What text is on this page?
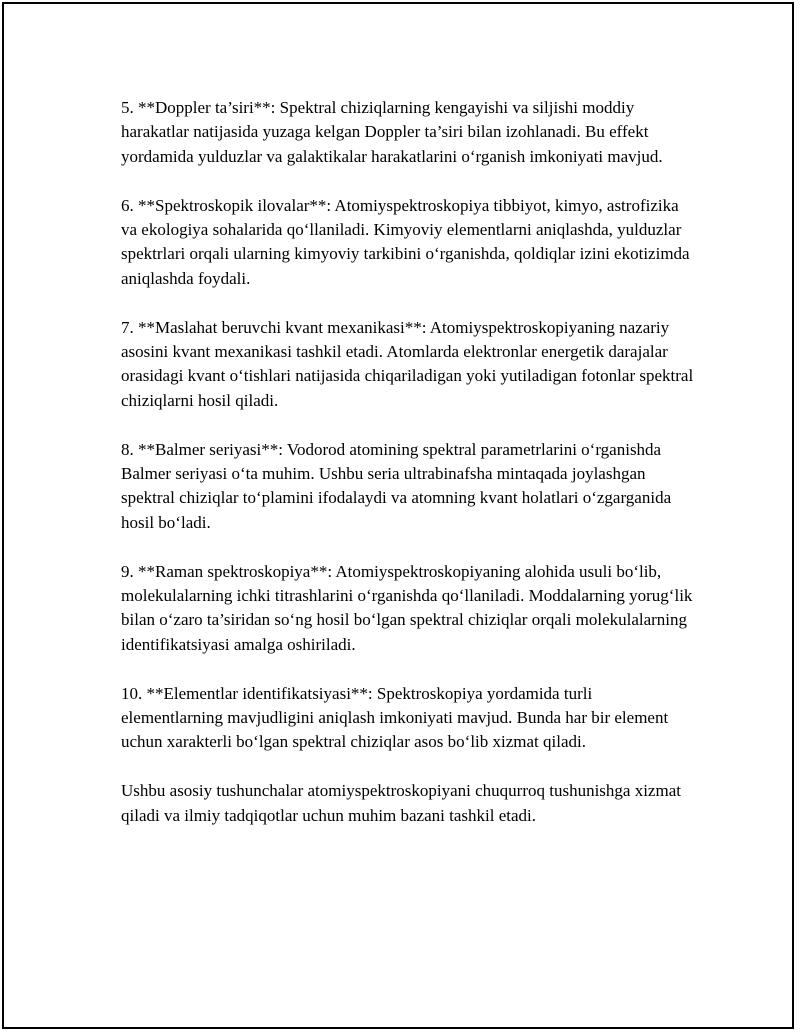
5. **Doppler ta’siri**: Spektral chiziqlarning kengayishi va siljishi moddiy harakatlar natijasida yuzaga kelgan Doppler ta’siri bilan izohlanadi. Bu effekt yordamida yulduzlar va galaktikalar harakatlarini o‘rganish imkoniyati mavjud.

6. **Spektroskopik ilovalar**: Atomiyspektroskopiya tibbiyot, kimyo, astrofizika va ekologiya sohalarida qo‘llaniladi. Kimyoviy elementlarni aniqlashda, yulduzlar spektrlari orqali ularning kimyoviy tarkibini o‘rganishda, qoldiqlar izini ekotizimda aniqlashda foydali.

7. **Maslahat beruvchi kvant mexanikasi**: Atomiyspektroskopiyaning nazariy asosini kvant mexanikasi tashkil etadi. Atomlarda elektronlar energetik darajalar orasidagi kvant o‘tishlari natijasida chiqariladigan yoki yutiladigan fotonlar spektral chiziqlarni hosil qiladi.

8. **Balmer seriyasi**: Vodorod atomining spektral parametrlarini o‘rganishda Balmer seriyasi o‘ta muhim. Ushbu seria ultrabinafsha mintaqada joylashgan spektral chiziqlar to‘plamini ifodalaydi va atomning kvant holatlari o‘zgarganida hosil bo‘ladi.

9. **Raman spektroskopiya**: Atomiyspektroskopiyaning alohida usuli bo‘lib, molekulalarning ichki titrashlarini o‘rganishda qo‘llaniladi. Moddalarning yorug‘lik bilan o‘zaro ta’siridan so‘ng hosil bo‘lgan spektral chiziqlar orqali molekulalarning identifikatsiyasi amalga oshiriladi.

10. **Elementlar identifikatsiyasi**: Spektroskopiya yordamida turli elementlarning mavjudligini aniqlash imkoniyati mavjud. Bunda har bir element uchun xarakterli bo‘lgan spektral chiziqlar asos bo‘lib xizmat qiladi.

Ushbu asosiy tushunchalar atomiyspektroskopiyani chuqurroq tushunishga xizmat qiladi va ilmiy tadqiqotlar uchun muhim bazani tashkil etadi.
